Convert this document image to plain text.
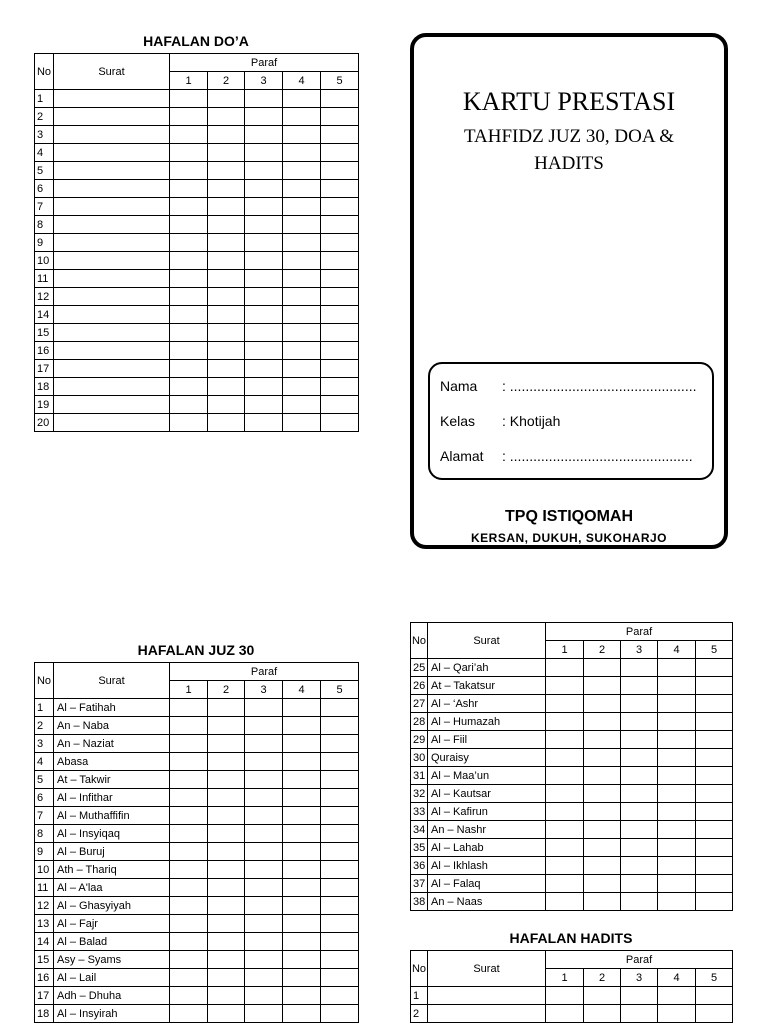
HAFALAN DO’A
No	Surat	Paraf				
		1	2	3	4	5
1						
2						
3						
4						
5						
6						
7						
8						
9						
10						
11						
12						
14						
15						
16						
17						
18						
19						
20						
KARTU PRESTASI
TAHFIDZ JUZ 30, DOA &
HADITS
Nama : ................................................
Kelas : Khotijah
Alamat : ...............................................
TPQ ISTIQOMAH
KERSAN, DUKUH, SUKOHARJO
HAFALAN JUZ 30
No	Surat	Paraf				
		1	2	3	4	5
1	Al – Fatihah					
2	An – Naba					
3	An – Naziat					
4	Abasa					
5	At – Takwir					
6	Al – Infithar					
7	Al – Muthaffifin					
8	Al – Insyiqaq					
9	Al – Buruj					
10	Ath – Thariq					
11	Al – A'laa					
12	Al – Ghasyiyah					
13	Al – Fajr					
14	Al – Balad					
15	Asy – Syams					
16	Al – Lail					
17	Adh – Dhuha					
18	Al – Insyirah					
No	Surat	Paraf				
		1	2	3	4	5
25	Al – Qari’ah					
26	At – Takatsur					
27	Al – ‘Ashr					
28	Al – Humazah					
29	Al – Fiil					
30	Quraisy					
31	Al – Maa’un					
32	Al – Kautsar					
33	Al – Kafirun					
34	An – Nashr					
35	Al – Lahab					
36	Al – Ikhlash					
37	Al – Falaq					
38	An – Naas					
HAFALAN HADITS
No	Surat	Paraf				
		1	2	3	4	5
1						
2						
